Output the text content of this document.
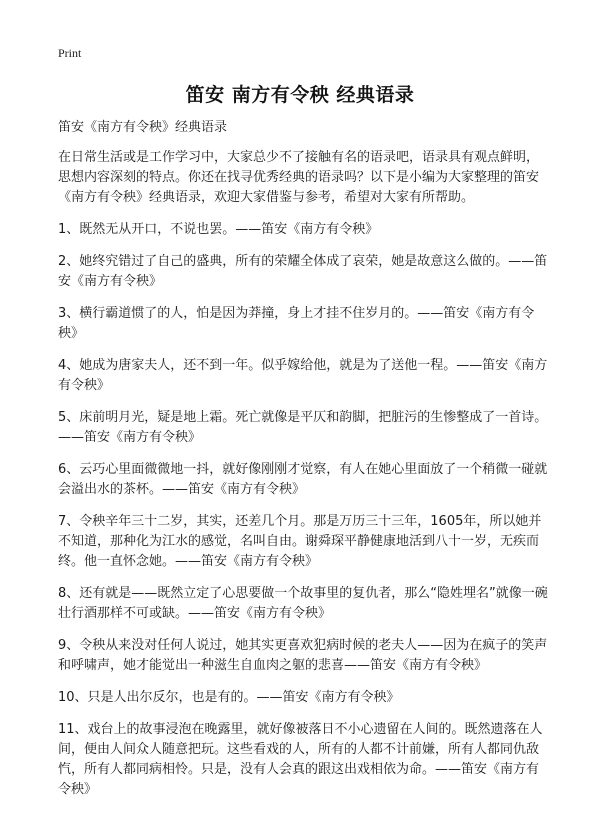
Print
笛安 南方有令秧 经典语录
笛安《南方有令秧》经典语录
在日常生活或是工作学习中，大家总少不了接触有名的语录吧，语录具有观点鲜明，思想内容深刻的特点。你还在找寻优秀经典的语录吗？以下是小编为大家整理的笛安《南方有令秧》经典语录，欢迎大家借鉴与参考，希望对大家有所帮助。
1、既然无从开口，不说也罢。——笛安《南方有令秧》
2、她终究错过了自己的盛典，所有的荣耀全体成了哀荣，她是故意这么做的。——笛安《南方有令秧》
3、横行霸道惯了的人，怕是因为莽撞，身上才挂不住岁月的。——笛安《南方有令秧》
4、她成为唐家夫人，还不到一年。似乎嫁给他，就是为了送他一程。——笛安《南方有令秧》
5、床前明月光，疑是地上霜。死亡就像是平仄和韵脚，把脏污的生惨整成了一首诗。——笛安《南方有令秧》
6、云巧心里面微微地一抖，就好像刚刚才觉察，有人在她心里面放了一个稍微一碰就会溢出水的茶杯。——笛安《南方有令秧》
7、令秧辛年三十二岁，其实，还差几个月。那是万历三十三年，1605年，所以她并不知道，那种化为江水的感觉，名叫自由。谢舜琛平静健康地活到八十一岁，无疾而终。他一直怀念她。——笛安《南方有令秧》
8、还有就是——既然立定了心思要做一个故事里的复仇者，那么“隐姓埋名”就像一碗壮行酒那样不可或缺。——笛安《南方有令秧》
9、令秧从来没对任何人说过，她其实更喜欢犯病时候的老夫人——因为在疯子的笑声和呼啸声，她才能觉出一种滋生自血肉之躯的悲喜——笛安《南方有令秧》
10、只是人出尔反尔，也是有的。——笛安《南方有令秧》
11、戏台上的故事浸泡在晚露里，就好像被落日不小心遗留在人间的。既然遗落在人间，便由人间众人随意把玩。这些看戏的人，所有的人都不计前嫌，所有人都同仇敌忾，所有人都同病相怜。只是，没有人会真的跟这出戏相依为命。——笛安《南方有令秧》
